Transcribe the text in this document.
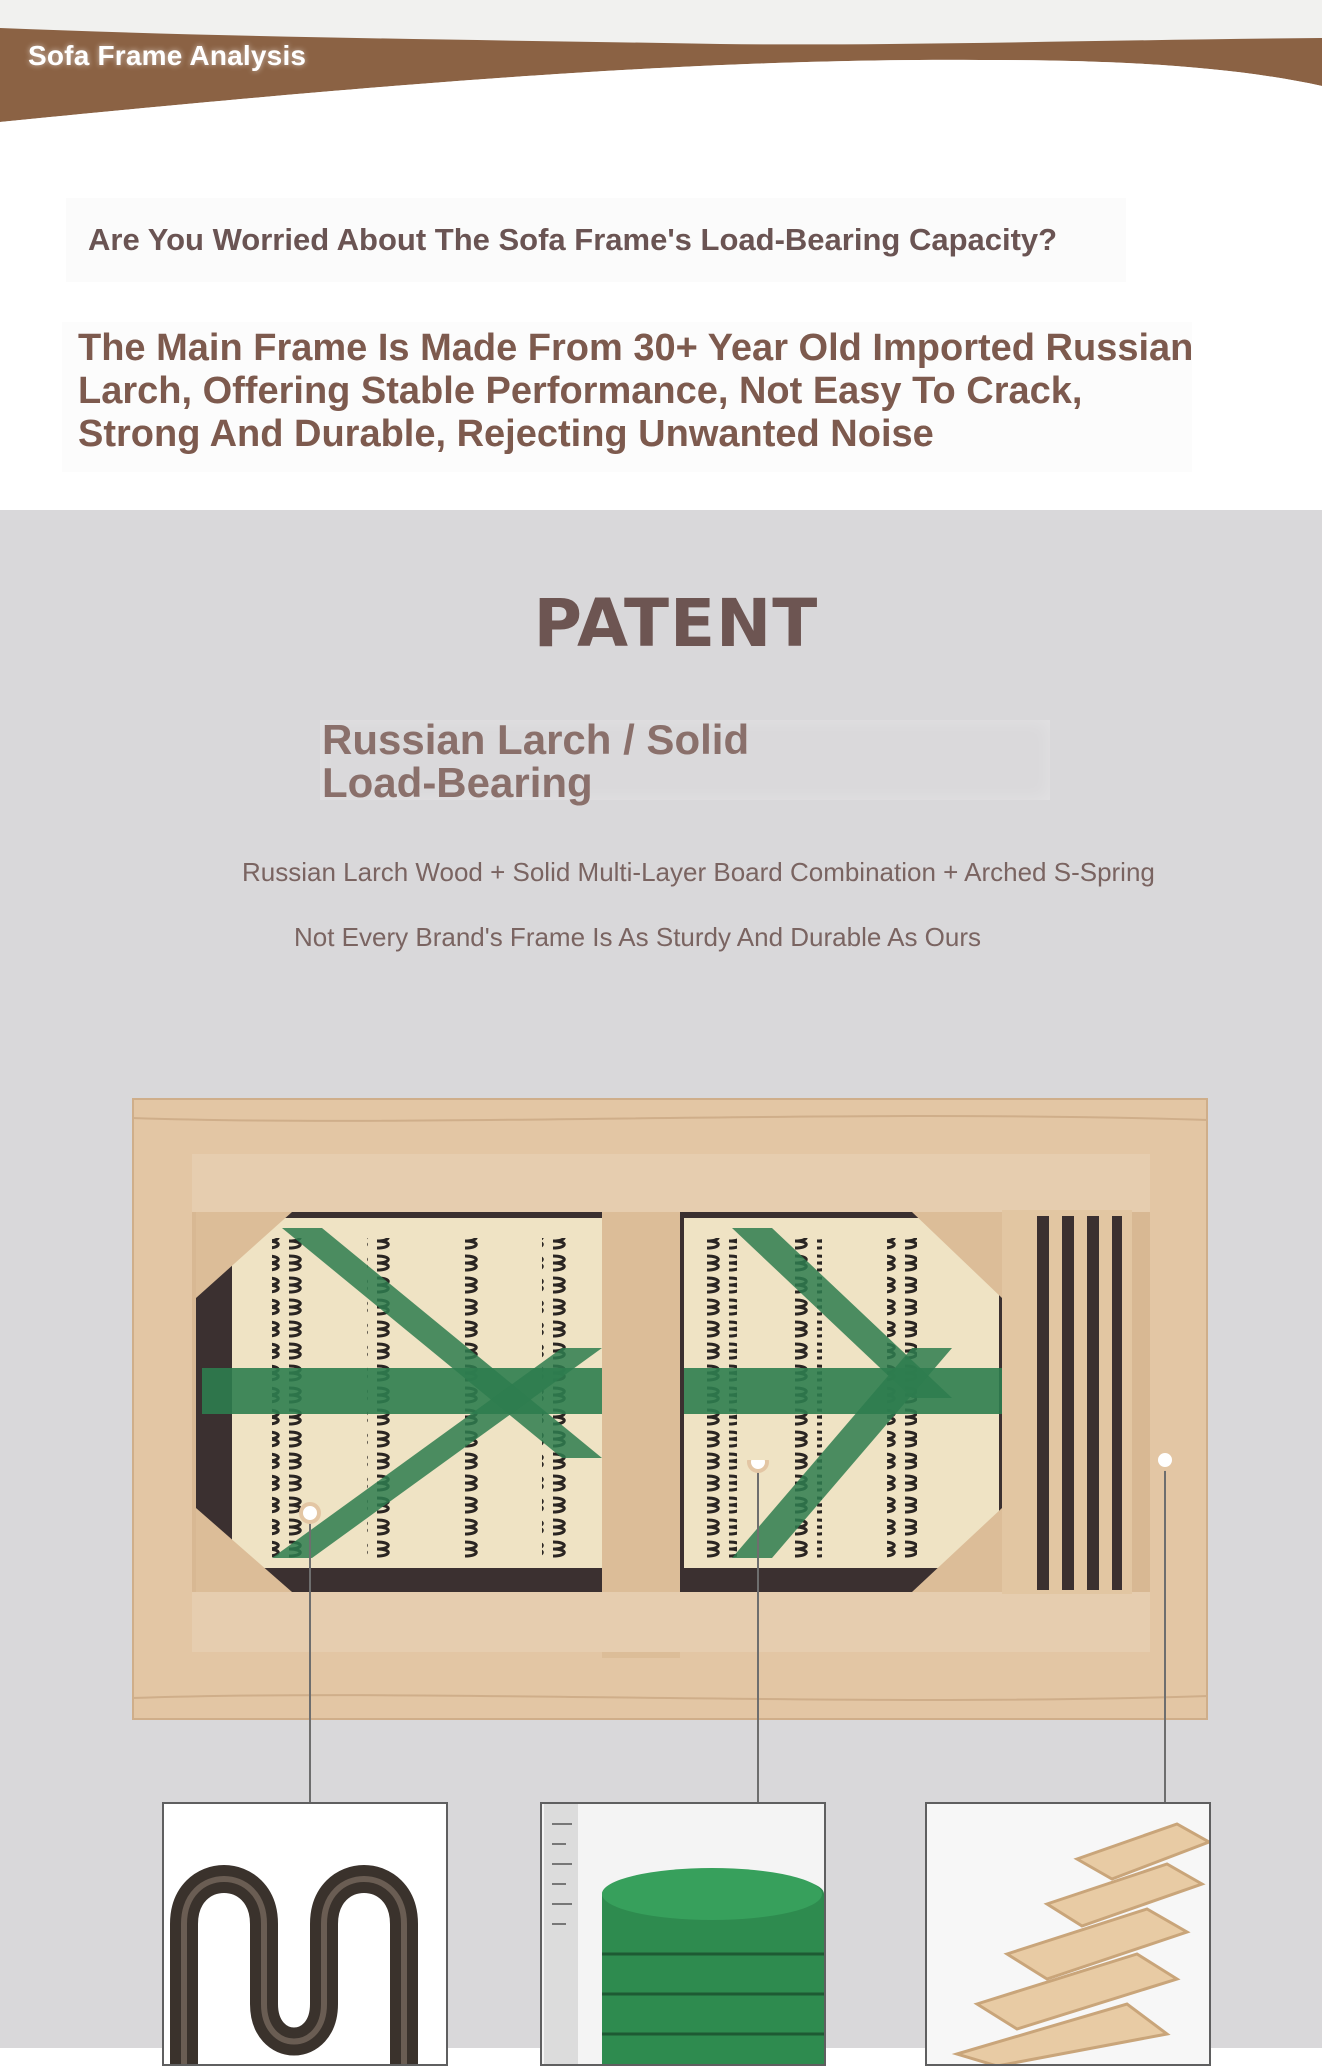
Sofa Frame Analysis
Are You Worried About The Sofa Frame's Load-Bearing Capacity?
The Main Frame Is Made From 30+ Year Old Imported Russian Larch, Offering Stable Performance, Not Easy To Crack, Strong And Durable, Rejecting Unwanted Noise
PATENT
Russian Larch / Solid
Load-Bearing
Russian Larch Wood + Solid Multi-Layer Board Combination + Arched S-Spring
Not Every Brand's Frame Is As Sturdy And Durable As Ours
